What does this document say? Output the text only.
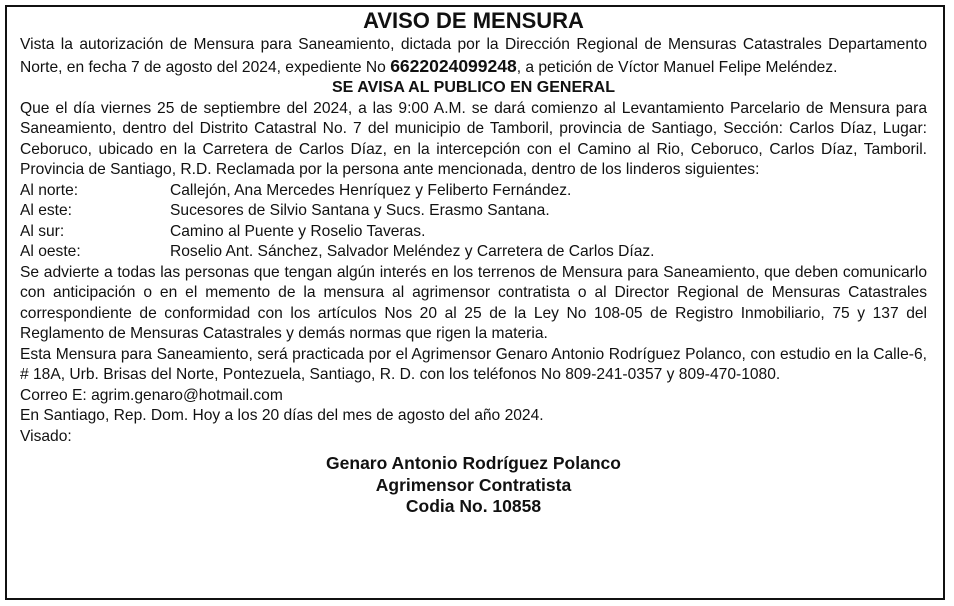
AVISO DE MENSURA

Vista la autorización de Mensura para Saneamiento, dictada por la Dirección Regional de Mensuras Catastrales Departamento Norte, en fecha 7 de agosto del 2024, expediente No 6622024099248, a petición de Víctor Manuel Felipe Meléndez.

SE AVISA AL PUBLICO EN GENERAL

Que el día viernes 25 de septiembre del 2024, a las 9:00 A.M. se dará comienzo al Levantamiento Parcelario de Mensura para Saneamiento, dentro del Distrito Catastral No. 7 del municipio de Tamboril, provincia de Santiago, Sección: Carlos Díaz, Lugar: Ceboruco, ubicado en la Carretera de Carlos Díaz, en la intercepción con el Camino al Rio, Ceboruco, Carlos Díaz, Tamboril. Provincia de Santiago, R.D. Reclamada por la persona ante mencionada, dentro de los linderos siguientes:

Al norte:	Callejón, Ana Mercedes Henríquez y Feliberto Fernández.
Al este:	Sucesores de Silvio Santana y Sucs. Erasmo Santana.
Al sur:	Camino al Puente y Roselio Taveras.
Al oeste:	Roselio Ant. Sánchez, Salvador Meléndez y Carretera de Carlos Díaz.

Se advierte a todas las personas que tengan algún interés en los terrenos de Mensura para Saneamiento, que deben comunicarlo con anticipación o en el memento de la mensura al agrimensor contratista o al Director Regional de Mensuras Catastrales correspondiente de conformidad con los artículos Nos 20 al 25 de la Ley No 108-05 de Registro Inmobiliario, 75 y 137 del Reglamento de Mensuras Catastrales y demás normas que rigen la materia.

Esta Mensura para Saneamiento, será practicada por el Agrimensor Genaro Antonio Rodríguez Polanco, con estudio en la Calle-6, # 18A, Urb. Brisas del Norte, Pontezuela, Santiago, R. D. con los teléfonos No 809-241-0357 y 809-470-1080.

Correo E: agrim.genaro@hotmail.com

En Santiago, Rep. Dom. Hoy a los 20 días del mes de agosto del año 2024.

Visado:

Genaro Antonio Rodríguez Polanco
Agrimensor Contratista
Codia No. 10858
